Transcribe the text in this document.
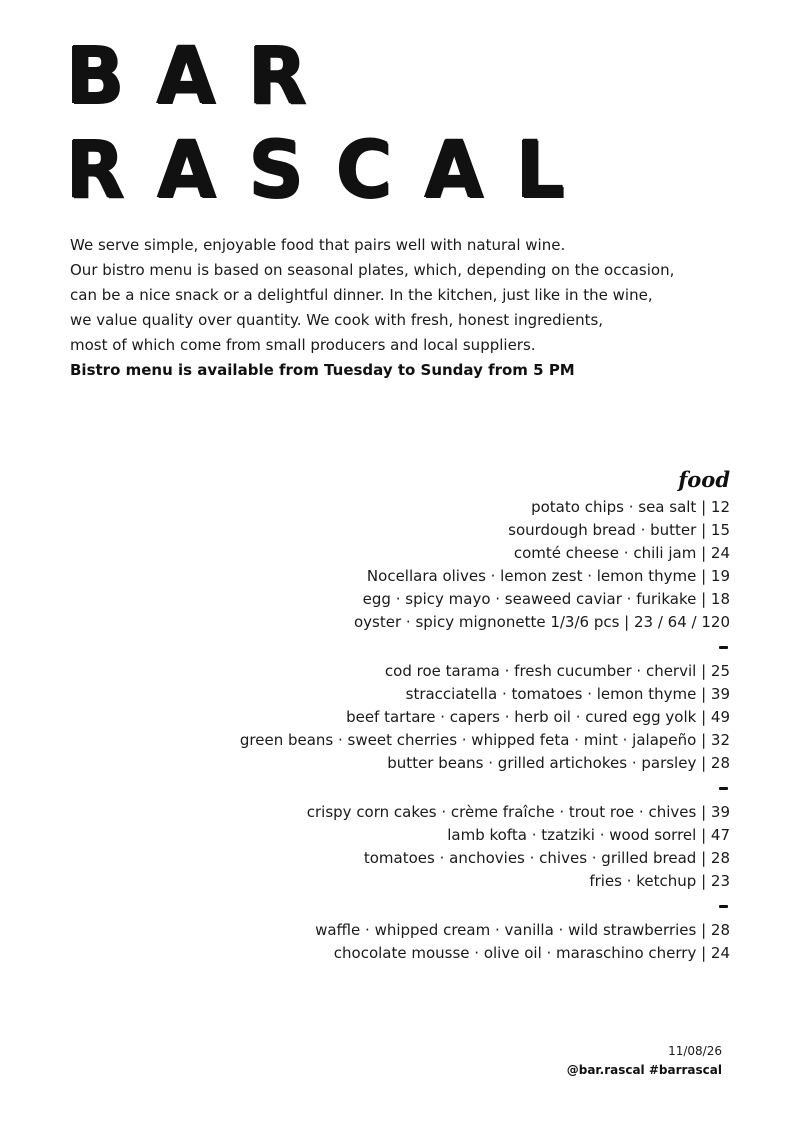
BAR
RASCAL

We serve simple, enjoyable food that pairs well with natural wine.

Our bistro menu is based on seasonal plates, which, depending on the occasion,

can be a nice snack or a delightful dinner. In the kitchen, just like in the wine,

we value quality over quantity. We cook with fresh, honest ingredients,

most of which come from small producers and local suppliers.

Bistro menu is available from Tuesday to Sunday from 5 PM

food
potato chips · sea salt | 12
sourdough bread · butter | 15
comté cheese · chili jam | 24
Nocellara olives · lemon zest · lemon thyme | 19
egg · spicy mayo · seaweed caviar · furikake | 18
oyster · spicy mignonette 1/3/6 pcs | 23 / 64 / 120
cod roe tarama · fresh cucumber · chervil | 25
stracciatella · tomatoes · lemon thyme | 39
beef tartare · capers · herb oil · cured egg yolk | 49
green beans · sweet cherries · whipped feta · mint · jalapeño | 32
butter beans · grilled artichokes · parsley | 28
crispy corn cakes · crème fraîche · trout roe · chives | 39
lamb kofta · tzatziki · wood sorrel | 47
tomatoes · anchovies · chives · grilled bread | 28
fries · ketchup | 23
waffle · whipped cream · vanilla · wild strawberries | 28
chocolate mousse · olive oil · maraschino cherry | 24
11/08/26
@bar.rascal #barrascal
